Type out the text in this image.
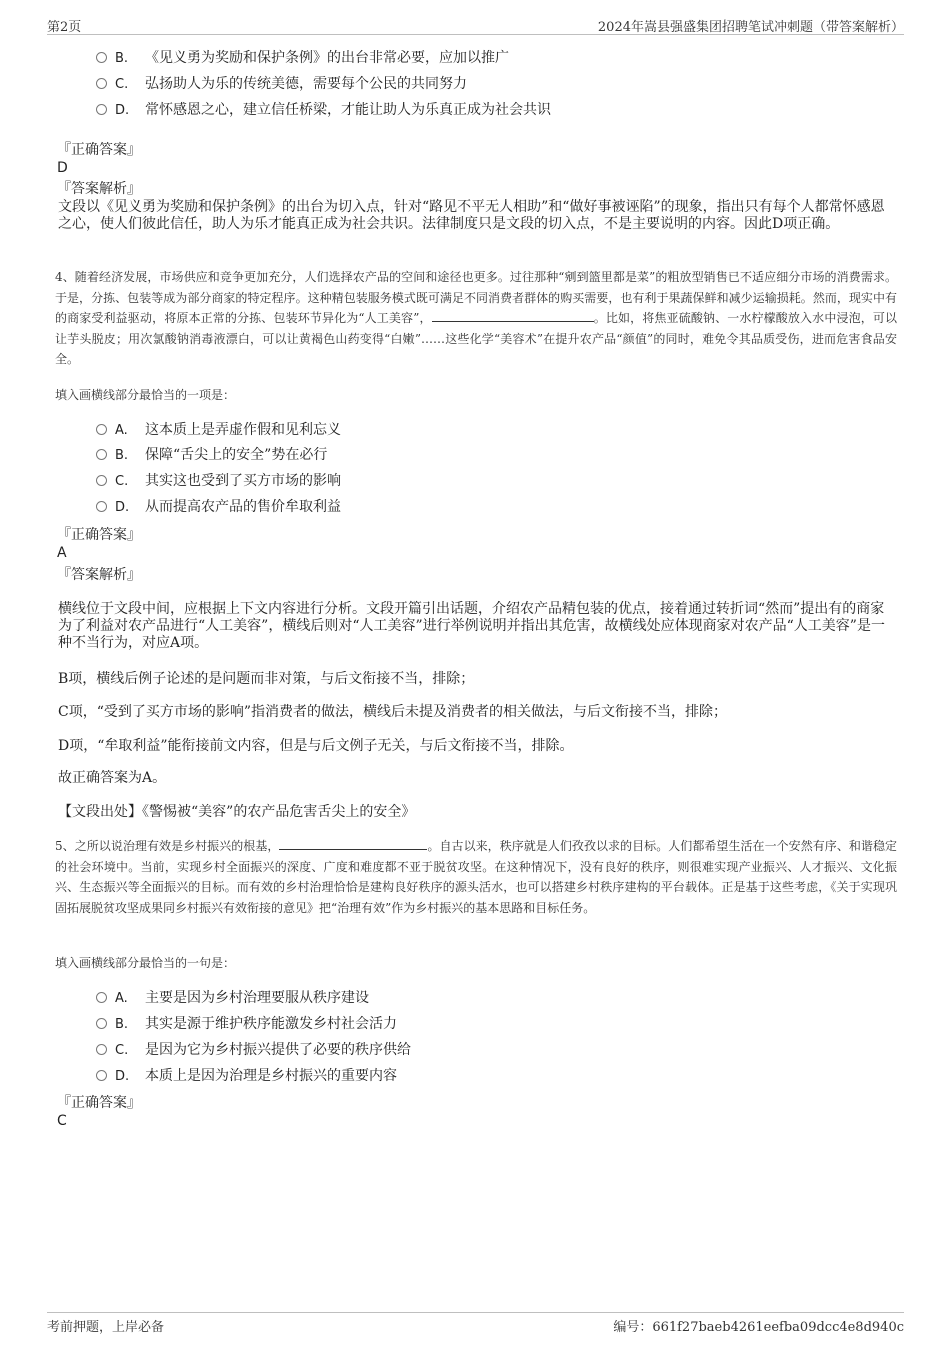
第2页	2024年嵩县强盛集团招聘笔试冲刺题（带答案解析）
B. 《见义勇为奖励和保护条例》的出台非常必要，应加以推广
C. 弘扬助人为乐的传统美德，需要每个公民的共同努力
D. 常怀感恩之心，建立信任桥梁，才能让助人为乐真正成为社会共识
『正确答案』
D
『答案解析』
文段以《见义勇为奖励和保护条例》的出台为切入点，针对“路见不平无人相助”和“做好事被诬陷”的现象，指出只有每个人都常怀感恩之心，使人们彼此信任，助人为乐才能真正成为社会共识。法律制度只是文段的切入点，不是主要说明的内容。因此D项正确。
4、随着经济发展，市场供应和竞争更加充分，人们选择农产品的空间和途径也更多。过往那种“剜到篮里都是菜”的粗放型销售已不适应细分市场的消费需求。于是，分拣、包装等成为部分商家的特定程序。这种精包装服务模式既可满足不同消费者群体的购买需要，也有利于果蔬保鲜和减少运输损耗。然而，现实中有的商家受利益驱动，将原本正常的分拣、包装环节异化为“人工美容”，	。比如，将焦亚硫酸钠、一水柠檬酸放入水中浸泡，可以让芋头脱皮；用次氯酸钠消毒液漂白，可以让黄褐色山药变得“白嫩”……这些化学“美容术”在提升农产品“颜值”的同时，难免令其品质受伤，进而危害食品安全。
填入画横线部分最恰当的一项是：
A. 这本质上是弄虚作假和见利忘义
B. 保障“舌尖上的安全”势在必行
C. 其实这也受到了买方市场的影响
D. 从而提高农产品的售价牟取利益
『正确答案』
A
『答案解析』
横线位于文段中间，应根据上下文内容进行分析。文段开篇引出话题，介绍农产品精包装的优点，接着通过转折词“然而”提出有的商家为了利益对农产品进行“人工美容”，横线后则对“人工美容”进行举例说明并指出其危害，故横线处应体现商家对农产品“人工美容”是一种不当行为，对应A项。
B项，横线后例子论述的是问题而非对策，与后文衔接不当，排除；
C项，“受到了买方市场的影响”指消费者的做法，横线后未提及消费者的相关做法，与后文衔接不当，排除；
D项，“牟取利益”能衔接前文内容，但是与后文例子无关，与后文衔接不当，排除。
故正确答案为A。
【文段出处】《警惕被“美容”的农产品危害舌尖上的安全》
5、之所以说治理有效是乡村振兴的根基，	。自古以来，秩序就是人们孜孜以求的目标。人们都希望生活在一个安然有序、和谐稳定的社会环境中。当前，实现乡村全面振兴的深度、广度和难度都不亚于脱贫攻坚。在这种情况下，没有良好的秩序，则很难实现产业振兴、人才振兴、文化振兴、生态振兴等全面振兴的目标。而有效的乡村治理恰恰是建构良好秩序的源头活水，也可以搭建乡村秩序建构的平台载体。正是基于这些考虑，《关于实现巩固拓展脱贫攻坚成果同乡村振兴有效衔接的意见》把“治理有效”作为乡村振兴的基本思路和目标任务。
填入画横线部分最恰当的一句是：
A. 主要是因为乡村治理要服从秩序建设
B. 其实是源于维护秩序能激发乡村社会活力
C. 是因为它为乡村振兴提供了必要的秩序供给
D. 本质上是因为治理是乡村振兴的重要内容
『正确答案』
C
考前押题，上岸必备	编号：661f27baeb4261eefba09dcc4e8d940c
